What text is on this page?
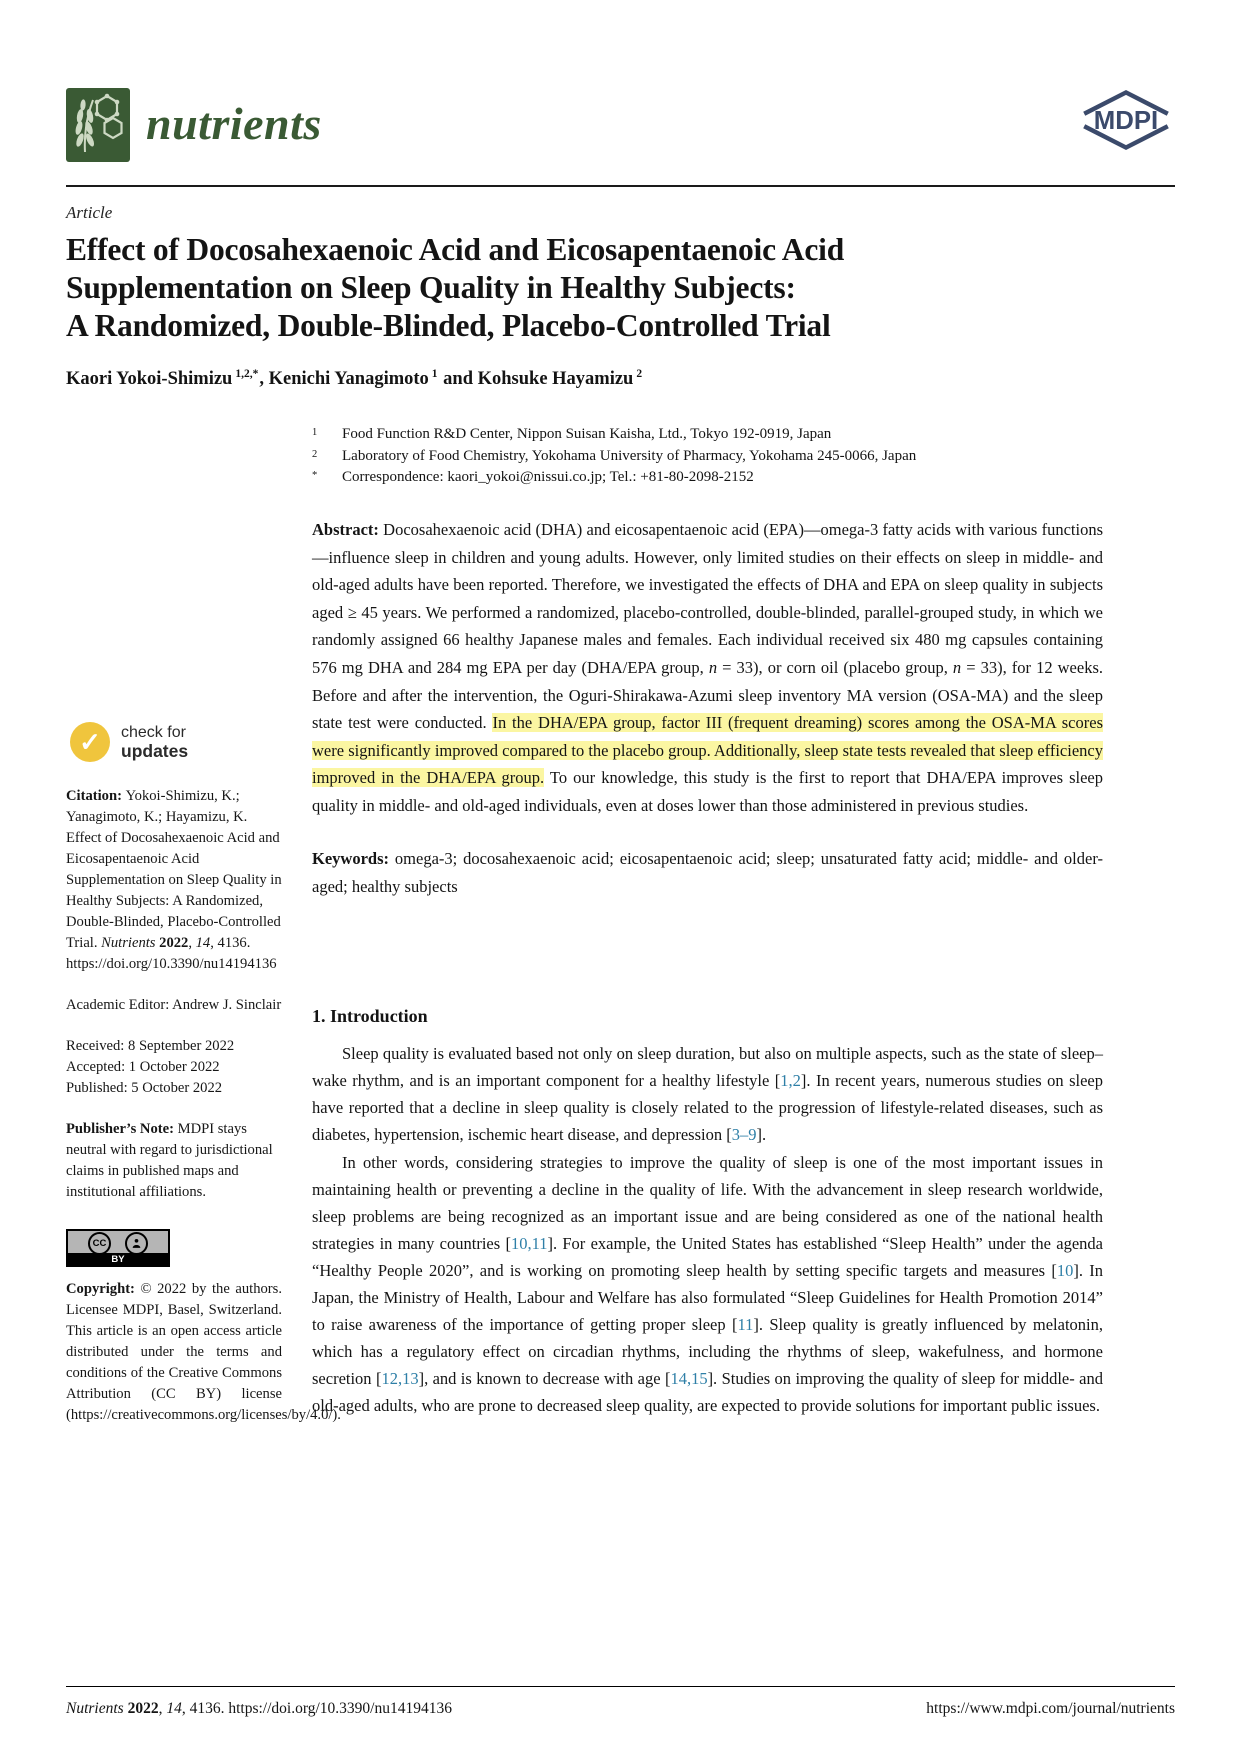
nutrients	MDPI
Article
Effect of Docosahexaenoic Acid and Eicosapentaenoic Acid
Supplementation on Sleep Quality in Healthy Subjects:
A Randomized, Double-Blinded, Placebo-Controlled Trial
Kaori Yokoi-Shimizu $^{1,2,*}$, Kenichi Yanagimoto $^1$ and Kohsuke Hayamizu $^2$
✓ check for
updates
Citation: Yokoi-Shimizu, K.; Yanagimoto, K.; Hayamizu, K. Effect of Docosahexaenoic Acid and Eicosapentaenoic Acid Supplementation on Sleep Quality in Healthy Subjects: A Randomized, Double-Blinded, Placebo-Controlled Trial. Nutrients 2022, 14, 4136. https://doi.org/10.3390/nu14194136
Academic Editor: Andrew J. Sinclair
Received: 8 September 2022
Accepted: 1 October 2022
Published: 5 October 2022
Publisher’s Note: MDPI stays neutral with regard to jurisdictional claims in published maps and institutional affiliations.
CC
BY
Copyright: © 2022 by the authors. Licensee MDPI, Basel, Switzerland. This article is an open access article distributed under the terms and conditions of the Creative Commons Attribution (CC BY) license (https://creativecommons.org/licenses/by/4.0/).
1	Food Function R&D Center, Nippon Suisan Kaisha, Ltd., Tokyo 192-0919, Japan
2	Laboratory of Food Chemistry, Yokohama University of Pharmacy, Yokohama 245-0066, Japan
*	Correspondence: kaori_yokoi@nissui.co.jp; Tel.: +81-80-2098-2152

Abstract: Docosahexaenoic acid (DHA) and eicosapentaenoic acid (EPA)—omega-3 fatty acids with various functions—influence sleep in children and young adults. However, only limited studies on their effects on sleep in middle- and old-aged adults have been reported. Therefore, we investigated the effects of DHA and EPA on sleep quality in subjects aged ≥ 45 years. We performed a randomized, placebo-controlled, double-blinded, parallel-grouped study, in which we randomly assigned 66 healthy Japanese males and females. Each individual received six 480 mg capsules containing 576 mg DHA and 284 mg EPA per day (DHA/EPA group, n = 33), or corn oil (placebo group, n = 33), for 12 weeks. Before and after the intervention, the Oguri-Shirakawa-Azumi sleep inventory MA version (OSA-MA) and the sleep state test were conducted. In the DHA/EPA group, factor III (frequent dreaming) scores among the OSA-MA scores were significantly improved compared to the placebo group. Additionally, sleep state tests revealed that sleep efficiency improved in the DHA/EPA group. To our knowledge, this study is the first to report that DHA/EPA improves sleep quality in middle- and old-aged individuals, even at doses lower than those administered in previous studies.

Keywords: omega-3; docosahexaenoic acid; eicosapentaenoic acid; sleep; unsaturated fatty acid; middle- and older-aged; healthy subjects

1. Introduction

Sleep quality is evaluated based not only on sleep duration, but also on multiple aspects, such as the state of sleep–wake rhythm, and is an important component for a healthy lifestyle [1,2]. In recent years, numerous studies on sleep have reported that a decline in sleep quality is closely related to the progression of lifestyle-related diseases, such as diabetes, hypertension, ischemic heart disease, and depression [3–9].

In other words, considering strategies to improve the quality of sleep is one of the most important issues in maintaining health or preventing a decline in the quality of life. With the advancement in sleep research worldwide, sleep problems are being recognized as an important issue and are being considered as one of the national health strategies in many countries [10,11]. For example, the United States has established “Sleep Health” under the agenda “Healthy People 2020”, and is working on promoting sleep health by setting specific targets and measures [10]. In Japan, the Ministry of Health, Labour and Welfare has also formulated “Sleep Guidelines for Health Promotion 2014” to raise awareness of the importance of getting proper sleep [11]. Sleep quality is greatly influenced by melatonin, which has a regulatory effect on circadian rhythms, including the rhythms of sleep, wakefulness, and hormone secretion [12,13], and is known to decrease with age [14,15]. Studies on improving the quality of sleep for middle- and old-aged adults, who are prone to decreased sleep quality, are expected to provide solutions for important public issues.

Nutrients 2022, 14, 4136. https://doi.org/10.3390/nu14194136	https://www.mdpi.com/journal/nutrients
